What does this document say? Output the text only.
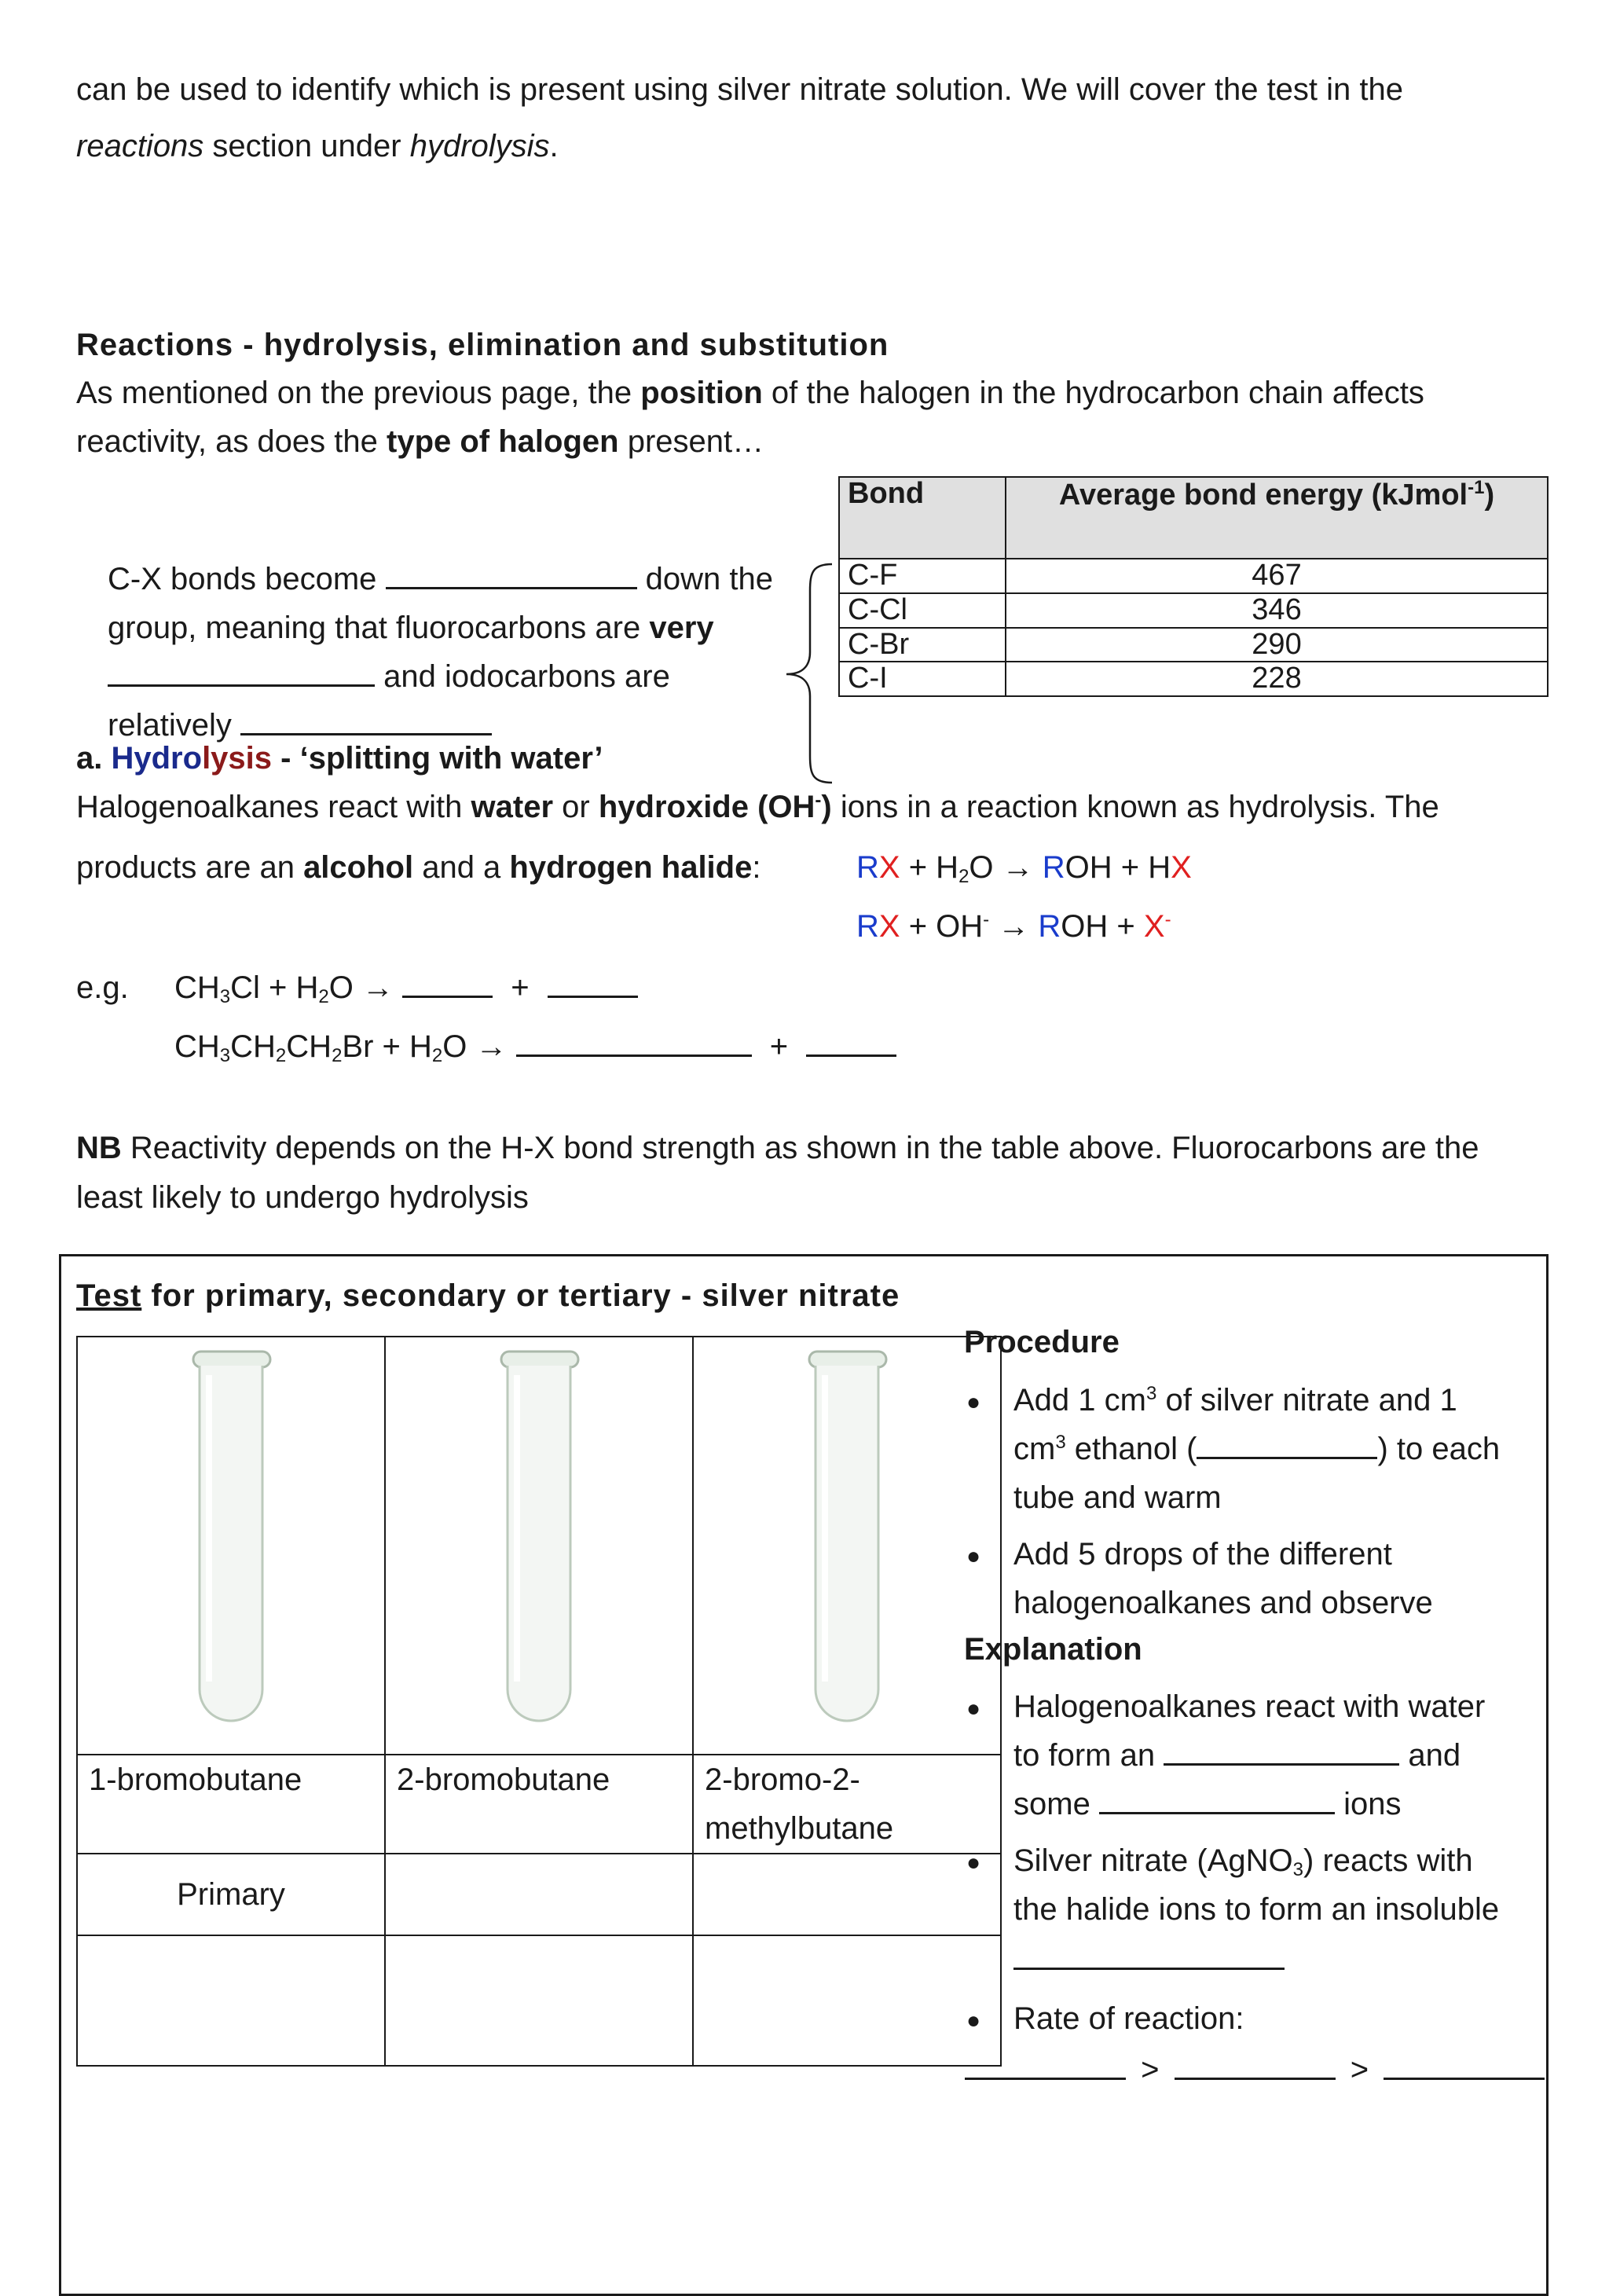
can be used to identify which is present using silver nitrate solution. We will cover the test in the
reactions section under hydrolysis.
Reactions - hydrolysis, elimination and substitution
As mentioned on the previous page, the position of the halogen in the hydrocarbon chain affects
reactivity, as does the type of halogen present…
C-X bonds become	down the
group, meaning that fluorocarbons are very
and iodocarbons are
relatively
Bond	Average bond energy (kJmol$^{-1}$)
C-F	467
C-Cl	346
C-Br	290
C-I	228
a. Hydrolysis - ‘splitting with water’
Halogenoalkanes react with water or hydroxide (OH-) ions in a reaction known as hydrolysis. The
products are an alcohol and a hydrogen halide:	RX + $H_2O$ → ROH + HX
RX + OH- → ROH + X-
e.g. $CH_3Cl + H_2O$ →	+
$CH_3CH_2CH_2Br + H_2O$ →	+
NB Reactivity depends on the H-X bond strength as shown in the table above. Fluorocarbons are the
least likely to undergo hydrolysis
Test for primary, secondary or tertiary - silver nitrate

1-bromobutane	2-bromobutane	2-bromo-2-
methylbutane
Primary		

Procedure
● Add 1 $cm^3$ of silver nitrate and 1
$cm^3$ ethanol (	) to each
tube and warm
● Add 5 drops of the different
halogenoalkanes and observe
Explanation
● Halogenoalkanes react with water
to form an	and
some	ions
● Silver nitrate (AgNO$_3$) reacts with
the halide ions to form an insoluble
● Rate of reaction:
>	>
